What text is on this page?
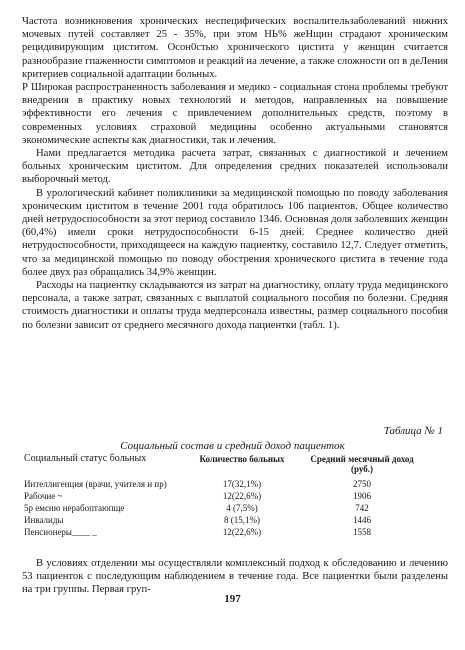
Частота возникновения хронических неспецифических воспалительзаболеваний нижних мочевых путей составляет 25 - 35%, при этом НЬ% жеНщин страдают хроническим рецидивирующим циститом. Осон0стью хронического цистита у женщин считается разнообразие гпаженности симптомов и реакций на лечение, а также сложности оп в деЛения критериев социальной адаптации больных.

Р Широкая распространенность заболевания и медико - социальная стона проблемы требуют внедрения в практику новых технологий и методов, направленных на повышение эффективности его лечения с привлечением дополнительных средств, поэтому в современных условиях страховой медицины особенно актуальными становятся экономические аспекты как диагностики, так и лечения.

Нами предлагается методика расчета затрат, связанных с диагностикой и лечением больных хроническим циститом. Для определения средних показателей использовали выборочный метод.

В урологический кабинет поликлиники за медицинской помощью по поводу заболевания хроническим циститом в течение 2001 года обратилось 106 пациентов. Общее количество дней нетрудоспособности за этот период составило 1346. Основная доля заболевших женщин (60,4%) имели сроки нетрудоспособности 6-15 дней. Среднее количество дней нетрудоспособности, приходящееся на каждую пациентку, составило 12,7. Следует отметить, что за медицинской помощью по поводу обострения хронического цистита в течение года более двух раз обращались 34,9% женщин.

Расходы на пациентку складываются из затрат на диагностику, оплату труда медицинского персонала, а также затрат, связанных с выплатой социального пособия по болезни. Средняя стоимость диагностики и оплаты труда медперсонала известны, размер социального пособия по болезни зависит от среднего месячного дохода пациентки (табл. 1).

Таблица № 1
Социальный состав и средний доход пациенток
Социальный статус больных	Количество больных	Средний месячный доход (руб.)
Интеллигенция (врачи, учителя и пр)	17(32,1%)	2750
Рабочие ~	12(22,6%)	1906
5р емсню нерабоптаюпще	4 (7,5%)	742
Инвалиды	8 (15,1%)	1446
Пенсионеры____ _	12(22,6%)	1558

В условиях отделении мы осуществляли комплексный подход к обследованию и лечению 53 пациенток с последующим наблюдением в течение года. Все пациентки были разделены на три группы. Первая груп-

197
